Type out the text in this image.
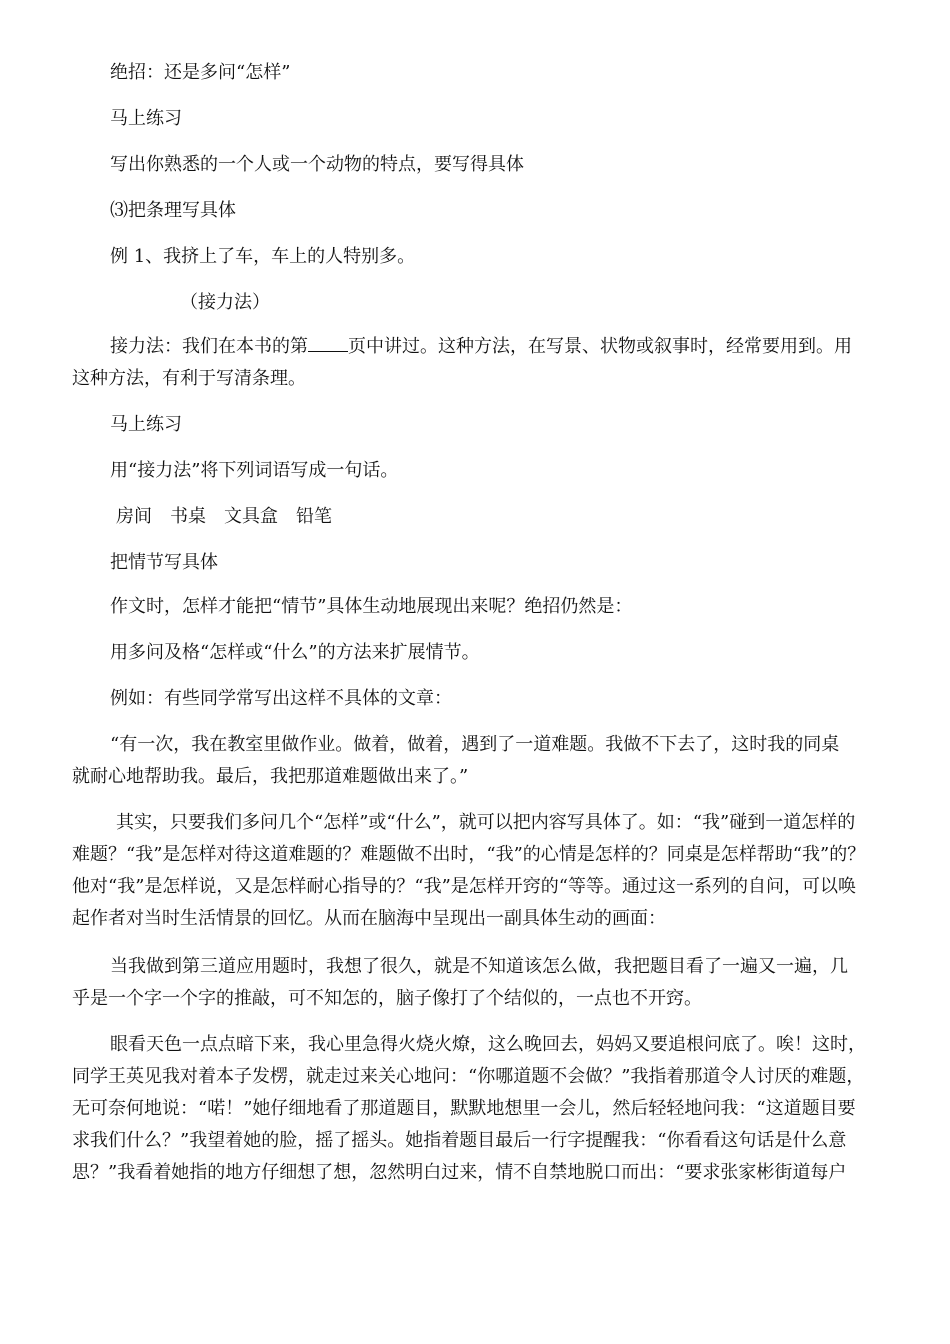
绝招：还是多问“怎样”
马上练习
写出你熟悉的一个人或一个动物的特点，要写得具体
⑶把条理写具体
例 1、我挤上了车，车上的人特别多。
（接力法）
接力法：我们在本书的第 页中讲过。这种方法，在写景、状物或叙事时，经常要用到。用
这种方法，有利于写清条理。
马上练习
用“接力法”将下列词语写成一句话。
房间　书桌　文具盒　铅笔
把情节写具体
作文时，怎样才能把“情节”具体生动地展现出来呢？绝招仍然是：
用多问及格“怎样或“什么”的方法来扩展情节。
例如：有些同学常写出这样不具体的文章：
“有一次，我在教室里做作业。做着，做着，遇到了一道难题。我做不下去了，这时我的同桌
就耐心地帮助我。最后，我把那道难题做出来了。”
其实，只要我们多问几个“怎样”或“什么”，就可以把内容写具体了。如：“我”碰到一道怎样的
难题？“我”是怎样对待这道难题的？难题做不出时，“我”的心情是怎样的？同桌是怎样帮助“我”的？
他对“我”是怎样说，又是怎样耐心指导的？“我”是怎样开窍的“等等。通过这一系列的自问，可以唤
起作者对当时生活情景的回忆。从而在脑海中呈现出一副具体生动的画面：
当我做到第三道应用题时，我想了很久，就是不知道该怎么做，我把题目看了一遍又一遍，几
乎是一个字一个字的推敲，可不知怎的，脑子像打了个结似的，一点也不开窍。
眼看天色一点点暗下来，我心里急得火烧火燎，这么晚回去，妈妈又要追根问底了。唉！这时，
同学王英见我对着本子发楞，就走过来关心地问：“你哪道题不会做？”我指着那道令人讨厌的难题，
无可奈何地说：“喏！”她仔细地看了那道题目，默默地想里一会儿，然后轻轻地问我：“这道题目要
求我们什么？”我望着她的脸，摇了摇头。她指着题目最后一行字提醒我：“你看看这句话是什么意
思？”我看着她指的地方仔细想了想，忽然明白过来，情不自禁地脱口而出：“要求张家彬街道每户
